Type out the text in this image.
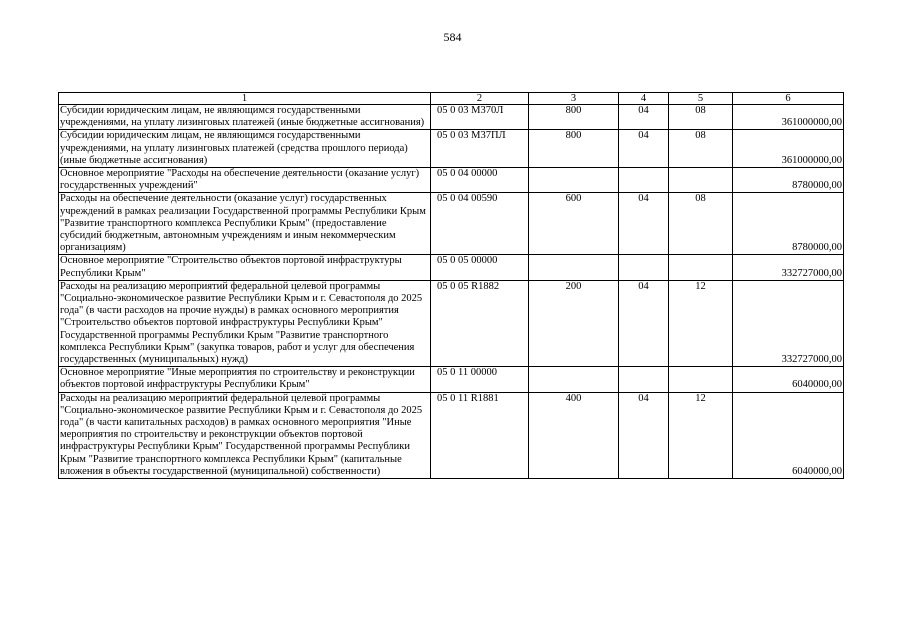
584
1	2	3	4	5	6
Субсидии юридическим лицам, не являющимся государственными учреждениями, на уплату лизинговых платежей (иные бюджетные ассигнования)	05 0 03 М370Л	800	04	08	361000000,00
Субсидии юридическим лицам, не являющимся государственными учреждениями, на уплату лизинговых платежей (средства прошлого периода) (иные бюджетные ассигнования)	05 0 03 М37ПЛ	800	04	08	361000000,00
Основное мероприятие "Расходы на обеспечение деятельности (оказание услуг) государственных учреждений"	05 0 04 00000				8780000,00
Расходы на обеспечение деятельности (оказание услуг) государственных учреждений в рамках реализации Государственной программы Республики Крым "Развитие транспортного комплекса Республики Крым" (предоставление субсидий бюджетным, автономным учреждениям и иным некоммерческим организациям)	05 0 04 00590	600	04	08	8780000,00
Основное мероприятие "Строительство объектов портовой инфраструктуры Республики Крым"	05 0 05 00000				332727000,00
Расходы на реализацию мероприятий федеральной целевой программы "Социально-экономическое развитие Республики Крым и г. Севастополя до 2025 года" (в части расходов на прочие нужды) в рамках основного мероприятия "Строительство объектов портовой инфраструктуры Республики Крым" Государственной программы Республики Крым "Развитие транспортного комплекса Республики Крым" (закупка товаров, работ и услуг для обеспечения государственных (муниципальных) нужд)	05 0 05 R1882	200	04	12	332727000,00
Основное мероприятие "Иные мероприятия по строительству и реконструкции объектов портовой инфраструктуры Республики Крым"	05 0 11 00000				6040000,00
Расходы на реализацию мероприятий федеральной целевой программы "Социально-экономическое развитие Республики Крым и г. Севастополя до 2025 года" (в части капитальных расходов) в рамках основного мероприятия "Иные мероприятия по строительству и реконструкции объектов портовой инфраструктуры Республики Крым" Государственной программы Республики Крым "Развитие транспортного комплекса Республики Крым" (капитальные вложения в объекты государственной (муниципальной) собственности)	05 0 11 R1881	400	04	12	6040000,00
